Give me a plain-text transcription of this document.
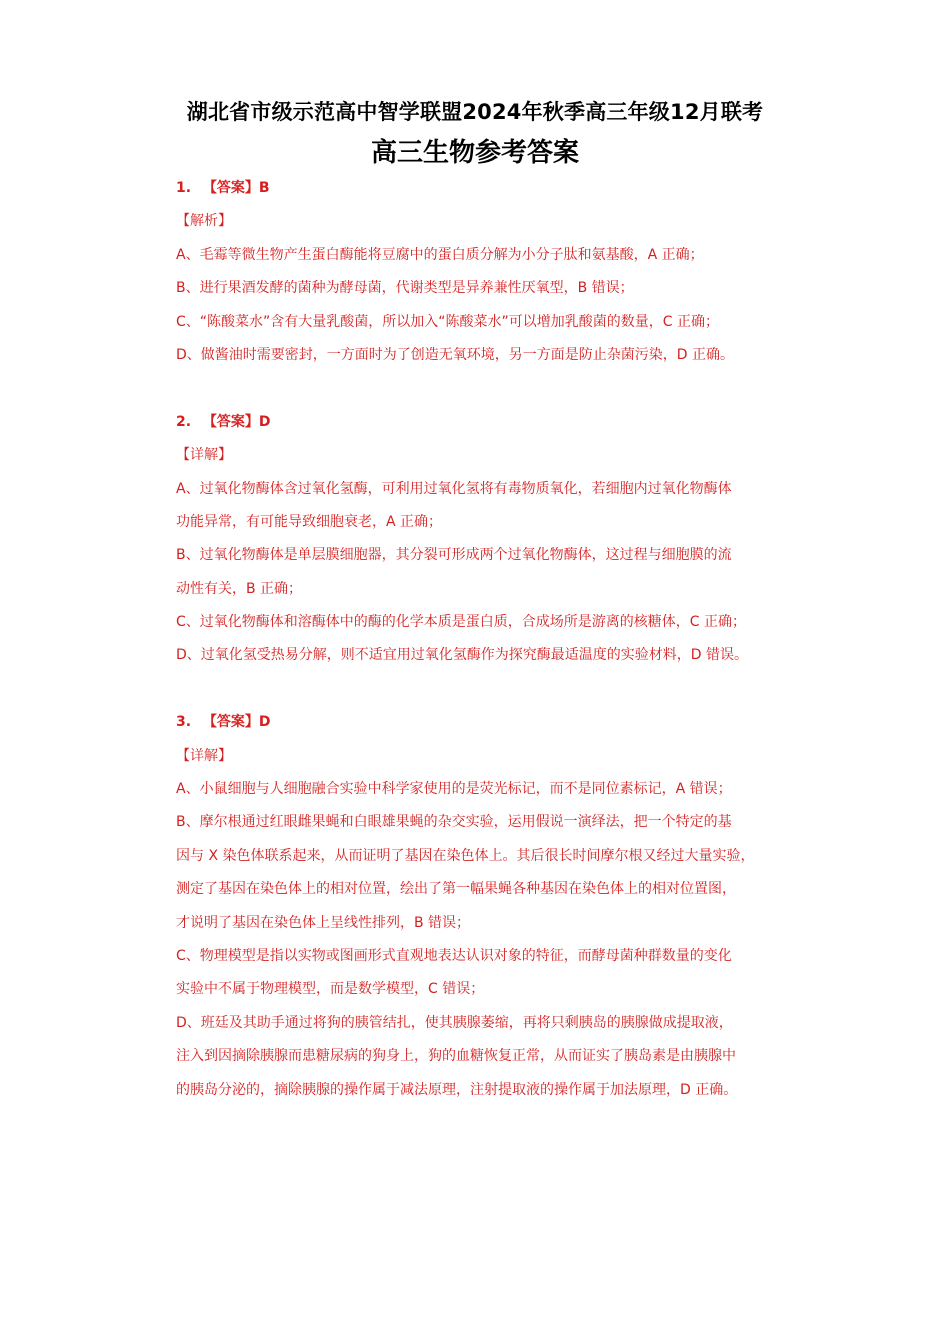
湖北省市级示范高中智学联盟2024年秋季高三年级12月联考
高三生物参考答案
1. 【答案】B
【解析】
A、毛霉等微生物产生蛋白酶能将豆腐中的蛋白质分解为小分子肽和氨基酸，A 正确；
B、进行果酒发酵的菌种为酵母菌，代谢类型是异养兼性厌氧型，B 错误；
C、“陈酸菜水”含有大量乳酸菌，所以加入“陈酸菜水”可以增加乳酸菌的数量，C 正确；
D、做酱油时需要密封，一方面时为了创造无氧环境，另一方面是防止杂菌污染，D 正确。
2. 【答案】D
【详解】
A、过氧化物酶体含过氧化氢酶，可利用过氧化氢将有毒物质氧化，若细胞内过氧化物酶体
功能异常，有可能导致细胞衰老，A 正确；
B、过氧化物酶体是单层膜细胞器，其分裂可形成两个过氧化物酶体，这过程与细胞膜的流
动性有关，B 正确；
C、过氧化物酶体和溶酶体中的酶的化学本质是蛋白质，合成场所是游离的核糖体，C 正确；
D、过氧化氢受热易分解，则不适宜用过氧化氢酶作为探究酶最适温度的实验材料，D 错误。
3. 【答案】D
【详解】
A、小鼠细胞与人细胞融合实验中科学家使用的是荧光标记，而不是同位素标记，A 错误；
B、摩尔根通过红眼雌果蝇和白眼雄果蝇的杂交实验，运用假说一演绎法，把一个特定的基
因与 X 染色体联系起来，从而证明了基因在染色体上。其后很长时间摩尔根又经过大量实验，
测定了基因在染色体上的相对位置，绘出了第一幅果蝇各种基因在染色体上的相对位置图，
才说明了基因在染色体上呈线性排列，B 错误；
C、物理模型是指以实物或图画形式直观地表达认识对象的特征，而酵母菌种群数量的变化
实验中不属于物理模型，而是数学模型，C 错误；
D、班廷及其助手通过将狗的胰管结扎，使其胰腺萎缩，再将只剩胰岛的胰腺做成提取液，
注入到因摘除胰腺而患糖尿病的狗身上，狗的血糖恢复正常，从而证实了胰岛素是由胰腺中
的胰岛分泌的，摘除胰腺的操作属于减法原理，注射提取液的操作属于加法原理，D 正确。
